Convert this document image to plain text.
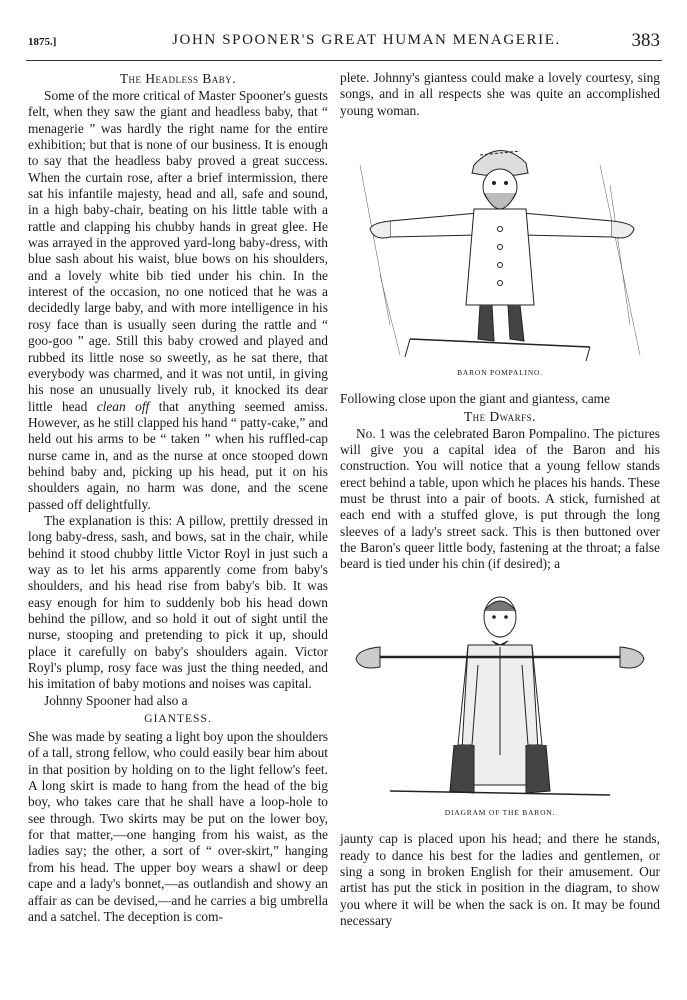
1875.]	JOHN SPOONER'S GREAT HUMAN MENAGERIE.	383
The Headless Baby.

Some of the more critical of Master Spooner's guests felt, when they saw the giant and headless baby, that “ menagerie ” was hardly the right name for the entire exhibition; but that is none of our business. It is enough to say that the headless baby proved a great success. When the curtain rose, after a brief intermission, there sat his infantile majesty, head and all, safe and sound, in a high baby-chair, beating on his little table with a rattle and clapping his chubby hands in great glee. He was arrayed in the approved yard-long baby-dress, with blue sash about his waist, blue bows on his shoulders, and a lovely white bib tied under his chin. In the interest of the occasion, no one noticed that he was a decidedly large baby, and with more intelligence in his rosy face than is usually seen during the rattle and “ goo-goo ” age. Still this baby crowed and played and rubbed its little nose so sweetly, as he sat there, that everybody was charmed, and it was not until, in giving his nose an unusually lively rub, it knocked its dear little head clean off that anything seemed amiss. However, as he still clapped his hand “ patty-cake,” and held out his arms to be “ taken ” when his ruffled-cap nurse came in, and as the nurse at once stooped down behind baby and, picking up his head, put it on his shoulders again, no harm was done, and the scene passed off delightfully.

The explanation is this: A pillow, prettily dressed in long baby-dress, sash, and bows, sat in the chair, while behind it stood chubby little Victor Royl in just such a way as to let his arms apparently come from baby's shoulders, and his head rise from baby's bib. It was easy enough for him to suddenly bob his head down behind the pillow, and so hold it out of sight until the nurse, stooping and pretending to pick it up, should place it carefully on baby's shoulders again. Victor Royl's plump, rosy face was just the thing needed, and his imitation of baby motions and noises was capital.

Johnny Spooner had also a

GIANTESS.

She was made by seating a light boy upon the shoulders of a tall, strong fellow, who could easily bear him about in that position by holding on to the light fellow's feet. A long skirt is made to hang from the head of the big boy, who takes care that he shall have a loop-hole to see through. Two skirts may be put on the lower boy, for that matter,—one hanging from his waist, as the ladies say; the other, a sort of “ over-skirt,” hanging from his head. The upper boy wears a shawl or deep cape and a lady's bonnet,—as outlandish and showy an affair as can be devised,—and he carries a big umbrella and a satchel. The deception is com-

plete. Johnny's giantess could make a lovely courtesy, sing songs, and in all respects she was quite an accomplished young woman.

BARON POMPALINO.

Following close upon the giant and giantess, came

The Dwarfs.

No. 1 was the celebrated Baron Pompalino. The pictures will give you a capital idea of the Baron and his construction. You will notice that a young fellow stands erect behind a table, upon which he places his hands. These must be thrust into a pair of boots. A stick, furnished at each end with a stuffed glove, is put through the long sleeves of a lady's street sack. This is then buttoned over the Baron's queer little body, fastening at the throat; a false beard is tied under his chin (if desired); a

DIAGRAM OF THE BARON.

jaunty cap is placed upon his head; and there he stands, ready to dance his best for the ladies and gentlemen, or sing a song in broken English for their amusement. Our artist has put the stick in position in the diagram, to show you where it will be when the sack is on. It may be found necessary
